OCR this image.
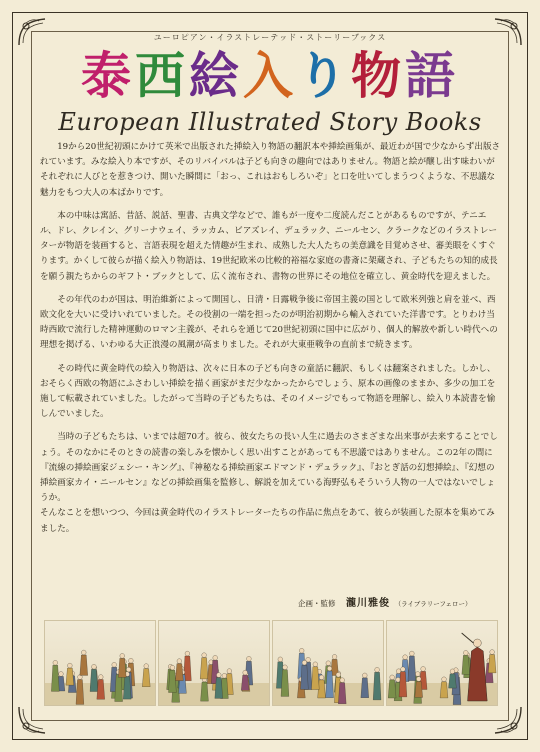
ユーロピアン・イラストレーテッド・ストーリーブックス
泰西絵入り物語
European Illustrated Story Books

19から20世紀初頭にかけて英米で出版された挿絵入り物語の翻訳本や挿絵画集が、最近わが国で少なからず出版されています。みな絵入り本ですが、そのリバイバルは子ども向きの趣向ではありません。物語と絵が醸し出す味わいがそれぞれに人びとを惹きつけ、開いた瞬間に「おっ、これはおもしろいぞ」と口を吐いてしまうつくような、不思議な魅力をもつ大人の本ばかりです。

本の中味は寓話、昔話、説話、聖書、古典文学などで、誰もが一度や二度読んだことがあるものですが、テニエル、ドレ、クレイン、グリーナウェイ、ラッカム、ビアズレイ、デュラック、ニールセン、クラークなどのイラストレーターが物語を装画すると、言語表現を超えた情趣が生まれ、成熟した大人たちの美意識を目覚めさせ、審美眼をくすぐります。かくして彼らが描く絵入り物語は、19世紀欧米の比較的裕福な家庭の書斎に架蔵され、子どもたちの知的成長を願う親たちからのギフト・ブックとして、広く流布され、書物の世界にその地位を確立し、黄金時代を迎えました。

その年代のわが国は、明治維新によって開国し、日清・日露戦争後に帝国主義の国として欧米列強と肩を並べ、西欧文化を大いに受けいれていました。その役割の一端を担ったのが明治初期から輸入されていた洋書です。とりわけ当時西欧で流行した精神運動のロマン主義が、それらを通じて20世紀初頭に国中に広がり、個人的解放や新しい時代への理想を掲げる、いわゆる大正浪漫の風潮が高まりました。それが大東亜戦争の直前まで続きます。

その時代に黄金時代の絵入り物語は、次々に日本の子ども向きの童話に翻訳、もしくは翻案されました。しかし、おそらく西欧の物語にふさわしい挿絵を描く画家がまだ少なかったからでしょう、原本の画像のままか、多少の加工を施して転載されていました。したがって当時の子どもたちは、そのイメージでもって物語を理解し、絵入り本読書を愉しんでいました。

当時の子どもたちは、いまでは超70才。彼ら、彼女たちの長い人生に過去のさまざまな出来事が去来することでしょう。そのなかにそのときの読書の楽しみを懐かしく思い出すことがあっても不思議ではありません。この2年の間に『流線の挿絵画家ジェシー・キング』、『神秘なる挿絵画家エドマンド・デュラック』、『おとぎ話の幻想挿絵』、『幻想の挿絵画家カイ・ニールセン』などの挿絵画集を監修し、解説を加えている海野弘もそういう人物の一人ではないでしょうか。

そんなことを想いつつ、今回は黄金時代のイラストレーターたちの作品に焦点をあて、彼らが装画した原本を集めてみました。

企画・監修 瀧川雅俊 （ライブラリーフェロー）
